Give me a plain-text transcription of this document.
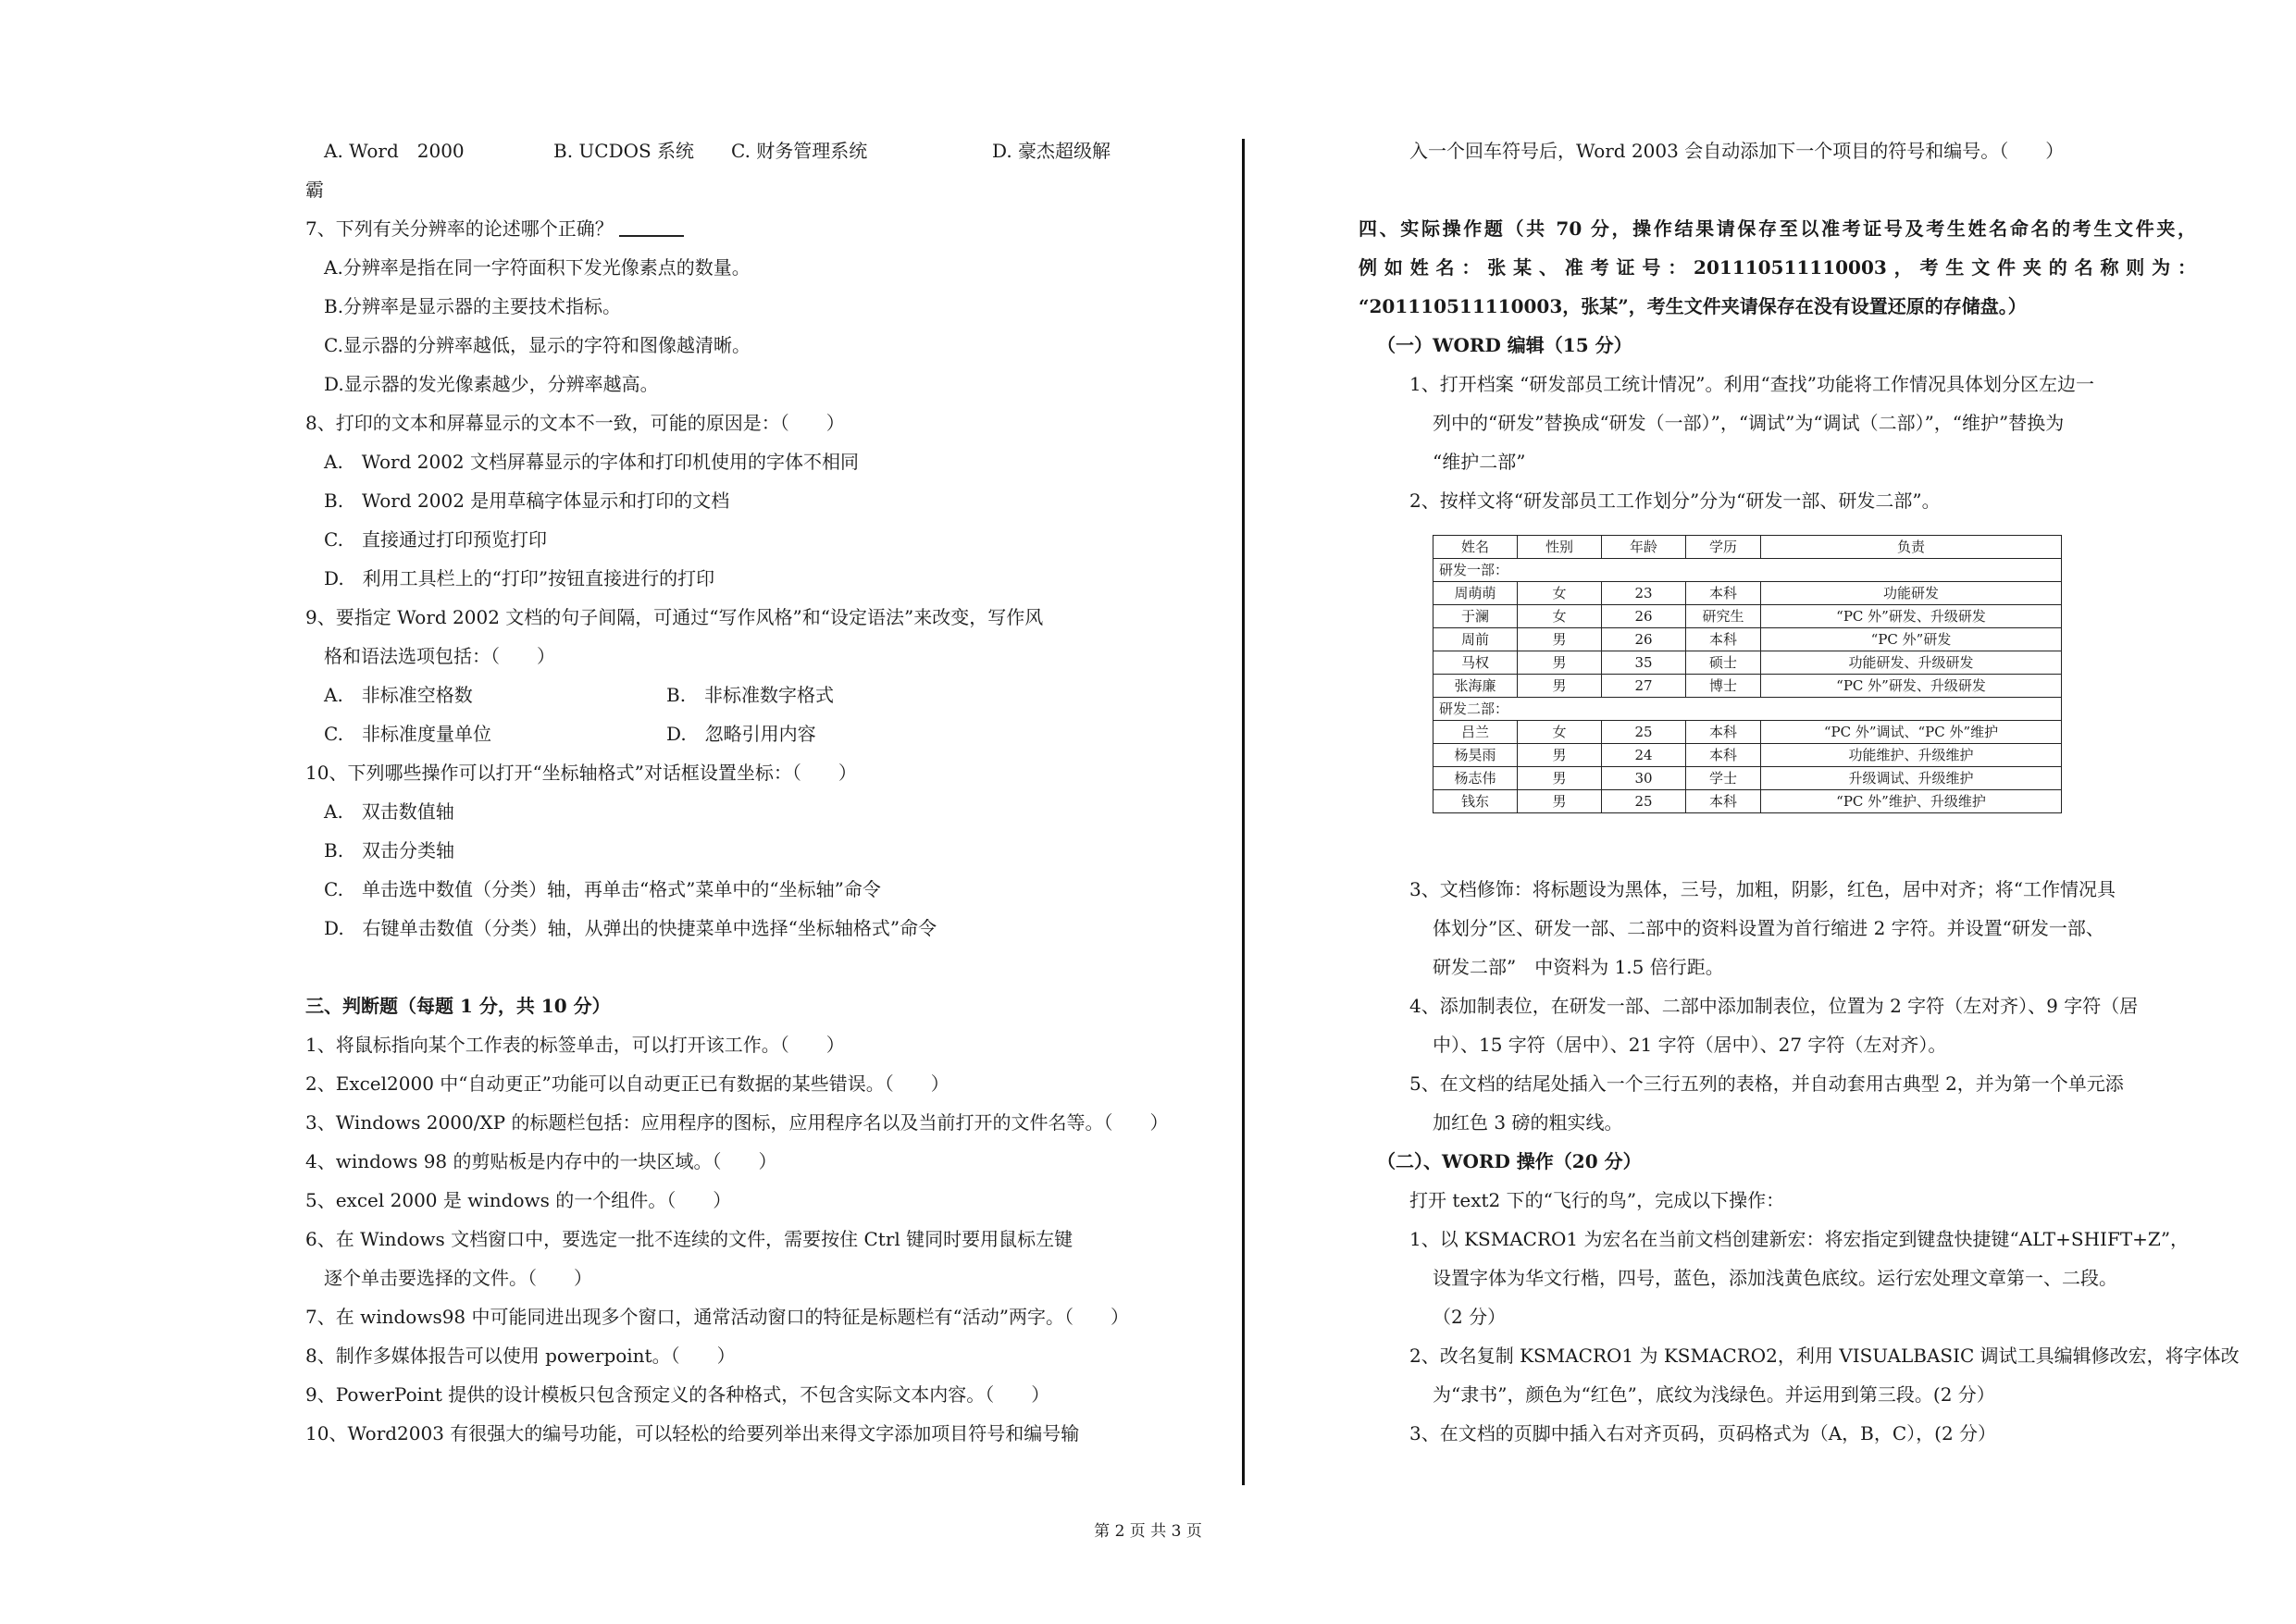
A. Word　2000	B. UCDOS 系统 C. 财务管理系统	D. 豪杰超级解
霸
7、下列有关分辨率的论述哪个正确？
A.分辨率是指在同一字符面积下发光像素点的数量。
B.分辨率是显示器的主要技术指标。
C.显示器的分辨率越低，显示的字符和图像越清晰。
D.显示器的发光像素越少，分辨率越高。
8、打印的文本和屏幕显示的文本不一致，可能的原因是：（　　）
A.　Word 2002 文档屏幕显示的字体和打印机使用的字体不相同
B.　Word 2002 是用草稿字体显示和打印的文档
C.　直接通过打印预览打印
D.　利用工具栏上的“打印”按钮直接进行的打印
9、要指定 Word 2002 文档的句子间隔，可通过“写作风格”和“设定语法”来改变，写作风
格和语法选项包括：（　　）
A.　非标准空格数	B.　非标准数字格式
C.　非标准度量单位	D.　忽略引用内容
10、下列哪些操作可以打开“坐标轴格式”对话框设置坐标：（　　）
A.　双击数值轴
B.　双击分类轴
C.　单击选中数值（分类）轴，再单击“格式”菜单中的“坐标轴”命令
D.　右键单击数值（分类）轴，从弹出的快捷菜单中选择“坐标轴格式”命令
三、判断题（每题 1 分，共 10 分）
1、将鼠标指向某个工作表的标签单击，可以打开该工作。（　　）
2、Excel2000 中“自动更正”功能可以自动更正已有数据的某些错误。（　　）
3、Windows 2000/XP 的标题栏包括：应用程序的图标，应用程序名以及当前打开的文件名等。（　　）
4、windows 98 的剪贴板是内存中的一块区域。（　　）
5、excel 2000 是 windows 的一个组件。（　　）
6、在 Windows 文档窗口中，要选定一批不连续的文件，需要按住 Ctrl 键同时要用鼠标左键
逐个单击要选择的文件。（　　）
7、在 windows98 中可能同进出现多个窗口，通常活动窗口的特征是标题栏有“活动”两字。（　　）
8、制作多媒体报告可以使用 powerpoint。（　　）
9、PowerPoint 提供的设计模板只包含预定义的各种格式，不包含实际文本内容。（　　）
10、Word2003 有很强大的编号功能，可以轻松的给要列举出来得文字添加项目符号和编号输
入一个回车符号后，Word 2003 会自动添加下一个项目的符号和编号。（　　）
四、实际操作题（共 70 分，操作结果请保存至以准考证号及考生姓名命名的考生文件夹，
例如姓名：张某、准考证号：201110511110003，考生文件夹的名称则为：
“201110511110003，张某”，考生文件夹请保存在没有设置还原的存储盘。）
（一）WORD 编辑（15 分）
1、打开档案 “研发部员工统计情况”。利用“查找”功能将工作情况具体划分区左边一
列中的“研发”替换成“研发（一部）”，“调试”为“调试（二部）”，“维护”替换为
“维护二部”
2、按样文将“研发部员工工作划分”分为“研发一部、研发二部”。
姓名	性别	年龄	学历	负责
研发一部：				
周萌萌	女	23	本科	功能研发
于澜	女	26	研究生	“PC 外”研发、升级研发
周前	男	26	本科	“PC 外”研发
马权	男	35	硕士	功能研发、升级研发
张海廉	男	27	博士	“PC 外”研发、升级研发
研发二部：				
吕兰	女	25	本科	“PC 外”调试、“PC 外”维护
杨昊雨	男	24	本科	功能维护、升级维护
杨志伟	男	30	学士	升级调试、升级维护
钱东	男	25	本科	“PC 外”维护、升级维护
3、文档修饰：将标题设为黑体，三号，加粗，阴影，红色，居中对齐；将“工作情况具
体划分”区、研发一部、二部中的资料设置为首行缩进 2 字符。并设置“研发一部、
研发二部”　中资料为 1.5 倍行距。
4、添加制表位，在研发一部、二部中添加制表位，位置为 2 字符（左对齐）、9 字符（居
中）、15 字符（居中）、21 字符（居中）、27 字符（左对齐）。
5、在文档的结尾处插入一个三行五列的表格，并自动套用古典型 2，并为第一个单元添
加红色 3 磅的粗实线。
（二）、WORD 操作（20 分）
打开 text2 下的“飞行的鸟”，完成以下操作：
1、以 KSMACRO1 为宏名在当前文档创建新宏：将宏指定到键盘快捷键“ALT+SHIFT+Z”，
设置字体为华文行楷，四号，蓝色，添加浅黄色底纹。运行宏处理文章第一、二段。
（2 分）
2、改名复制 KSMACRO1 为 KSMACRO2，利用 VISUALBASIC 调试工具编辑修改宏，将字体改
为“隶书”，颜色为“红色”，底纹为浅绿色。并运用到第三段。(2 分）
3、在文档的页脚中插入右对齐页码，页码格式为（A，B，C），(2 分）
第 2 页 共 3 页
